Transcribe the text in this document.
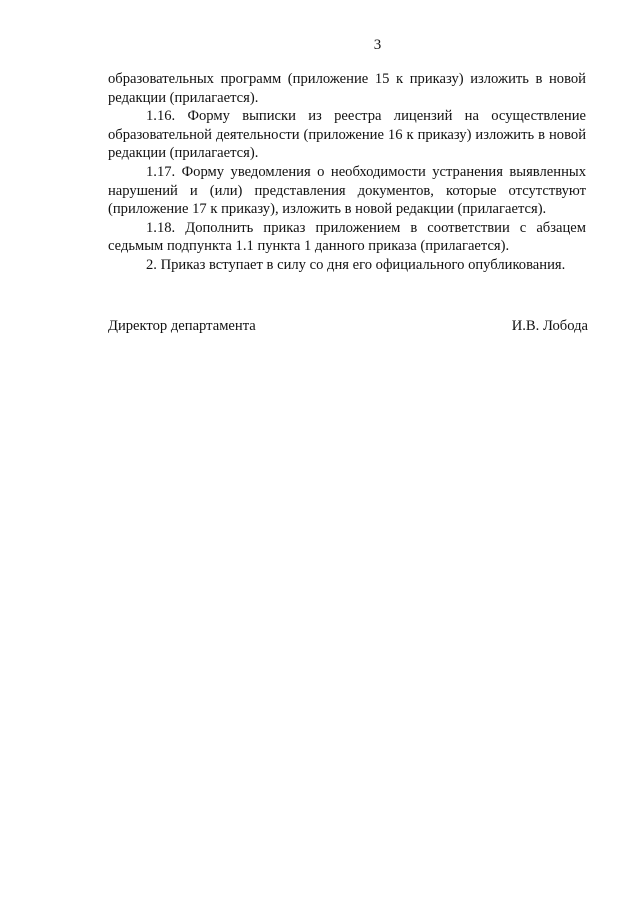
3
образовательных программ (приложение 15 к приказу) изложить в новой
редакции (прилагается).
1.16. Форму выписки из реестра лицензий на осуществление
образовательной деятельности (приложение 16 к приказу) изложить в новой
редакции (прилагается).
1.17. Форму уведомления о необходимости устранения выявленных
нарушений и (или) представления документов, которые отсутствуют
(приложение 17 к приказу), изложить в новой редакции (прилагается).
1.18. Дополнить приказ приложением в соответствии с абзацем
седьмым подпункта 1.1 пункта 1 данного приказа (прилагается).
2. Приказ вступает в силу со дня его официального опубликования.
Директор департамента	И.В. Лобода
